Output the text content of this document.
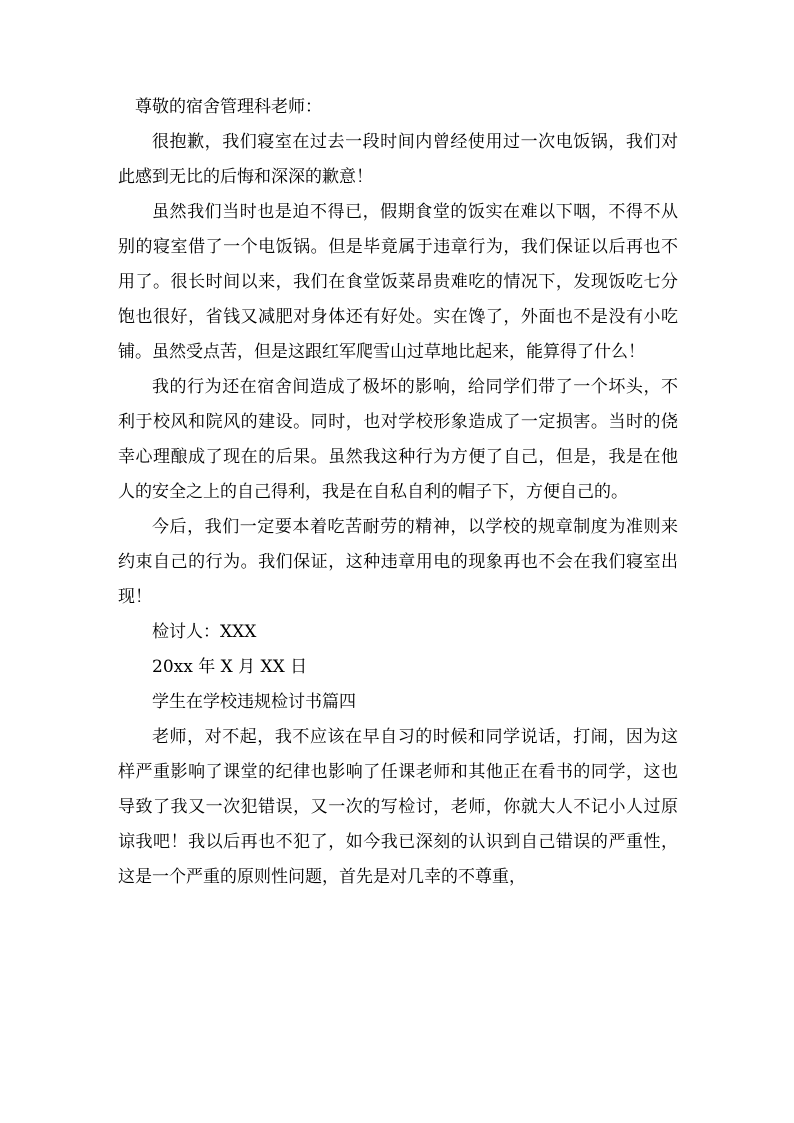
尊敬的宿舍管理科老师：

很抱歉，我们寝室在过去一段时间内曾经使用过一次电饭锅，我们对此感到无比的后悔和深深的歉意！

虽然我们当时也是迫不得已，假期食堂的饭实在难以下咽，不得不从别的寝室借了一个电饭锅。但是毕竟属于违章行为，我们保证以后再也不用了。很长时间以来，我们在食堂饭菜昂贵难吃的情况下，发现饭吃七分饱也很好，省钱又减肥对身体还有好处。实在馋了，外面也不是没有小吃铺。虽然受点苦，但是这跟红军爬雪山过草地比起来，能算得了什么！

我的行为还在宿舍间造成了极坏的影响，给同学们带了一个坏头，不利于校风和院风的建设。同时，也对学校形象造成了一定损害。当时的侥幸心理酿成了现在的后果。虽然我这种行为方便了自己，但是，我是在他人的安全之上的自己得利，我是在自私自利的帽子下，方便自己的。

今后，我们一定要本着吃苦耐劳的精神，以学校的规章制度为准则来约束自己的行为。我们保证，这种违章用电的现象再也不会在我们寝室出现！

检讨人：XXX

20xx 年 X 月 XX 日

学生在学校违规检讨书篇四

老师，对不起，我不应该在早自习的时候和同学说话，打闹，因为这样严重影响了课堂的纪律也影响了任课老师和其他正在看书的同学，这也导致了我又一次犯错误，又一次的写检讨，老师，你就大人不记小人过原谅我吧！我以后再也不犯了，如今我已深刻的认识到自己错误的严重性，这是一个严重的原则性问题，首先是对几幸的不尊重，
